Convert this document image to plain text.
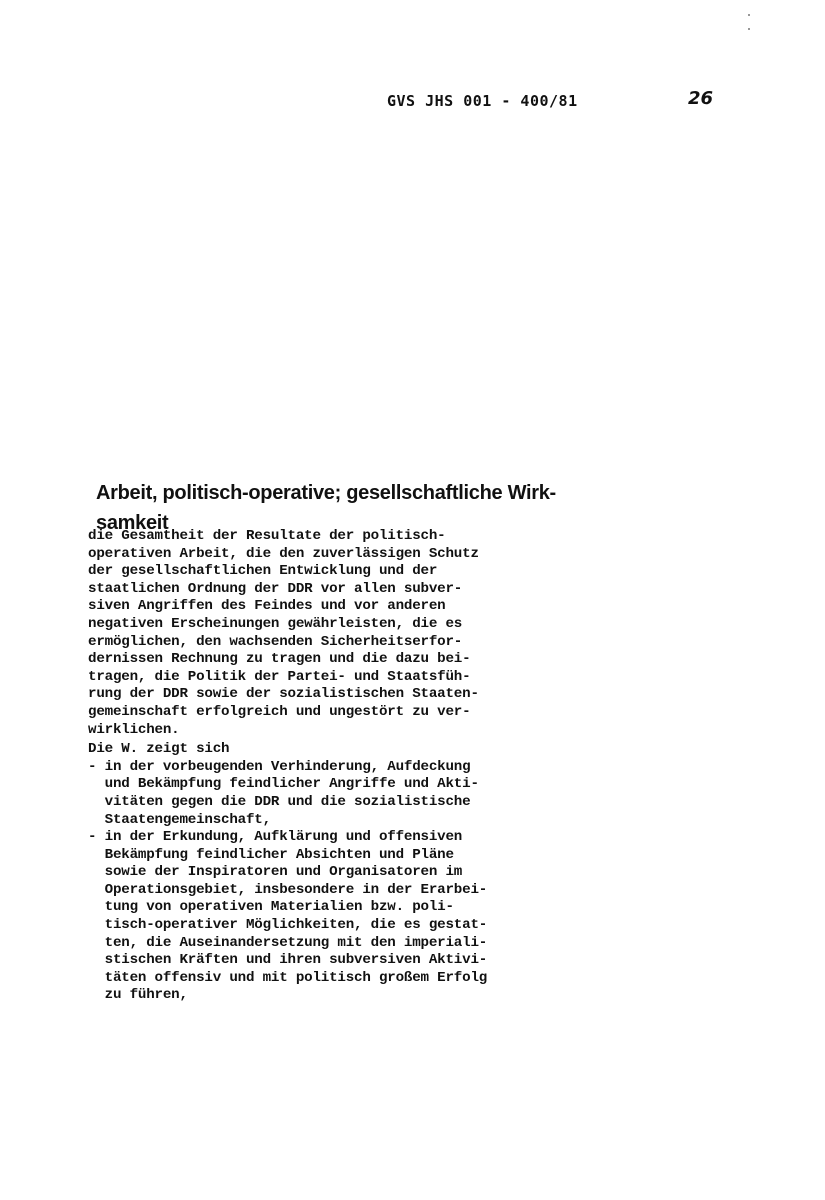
GVS JHS 001 - 400/81	26
Arbeit, politisch-operative; gesellschaftliche Wirk-
samkeit
die Gesamtheit der Resultate der politisch-
operativen Arbeit, die den zuverlässigen Schutz
der gesellschaftlichen Entwicklung und der
staatlichen Ordnung der DDR vor allen subver-
siven Angriffen des Feindes und vor anderen
negativen Erscheinungen gewährleisten, die es
ermöglichen, den wachsenden Sicherheitserfor-
dernissen Rechnung zu tragen und die dazu bei-
tragen, die Politik der Partei- und Staatsfüh-
rung der DDR sowie der sozialistischen Staaten-
gemeinschaft erfolgreich und ungestört zu ver-
wirklichen.
Die W. zeigt sich
- in der vorbeugenden Verhinderung, Aufdeckung
und Bekämpfung feindlicher Angriffe und Akti-
vitäten gegen die DDR und die sozialistische
Staatengemeinschaft,
- in der Erkundung, Aufklärung und offensiven
Bekämpfung feindlicher Absichten und Pläne
sowie der Inspiratoren und Organisatoren im
Operationsgebiet, insbesondere in der Erarbei-
tung von operativen Materialien bzw. poli-
tisch-operativer Möglichkeiten, die es gestat-
ten, die Auseinandersetzung mit den imperiali-
stischen Kräften und ihren subversiven Aktivi-
täten offensiv und mit politisch großem Erfolg
zu führen,
